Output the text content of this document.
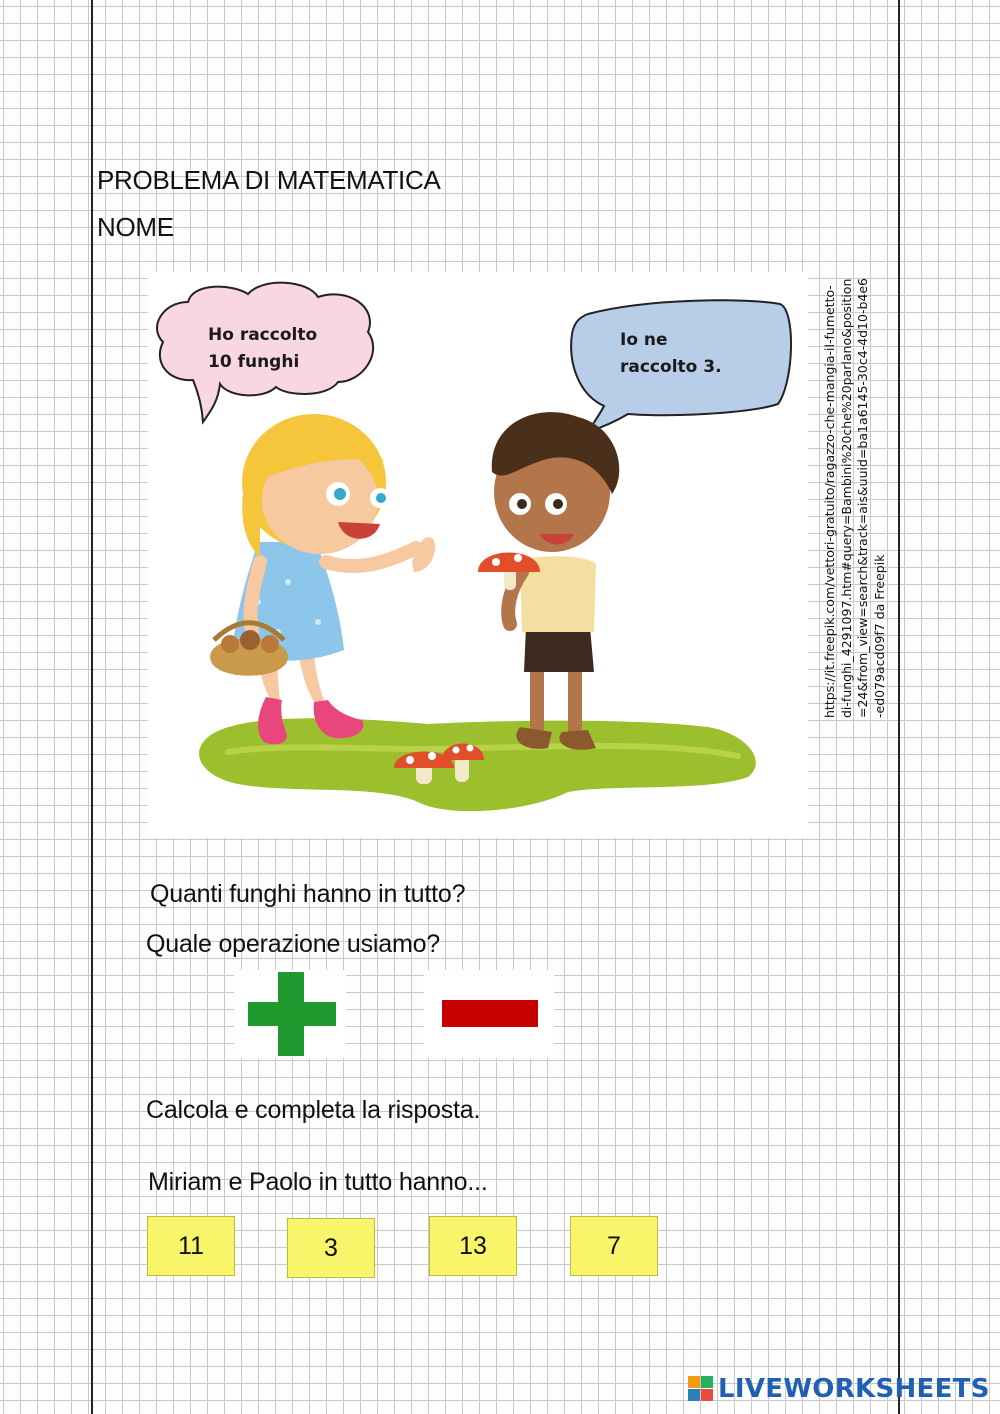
PROBLEMA DI MATEMATICA
NOME
Ho raccolto
10 funghi
Io ne
raccolto 3.	https://it.freepik.com/vettori-gratuito/ragazzo-che-mangia-il-fumetto-di-funghi_4291097.htm#query=Bambini%20che%20parlano&position=24&from_view=search&track=ais&uuid=ba1a6145-30c4-4d10-b4e6-ed079acd09f7 da Freepik
Quanti funghi hanno in tutto?
Quale operazione usiamo?
Calcola e completa la risposta.
Miriam e Paolo in tutto hanno...
11	3	13	7
LIVEWORKSHEETS
